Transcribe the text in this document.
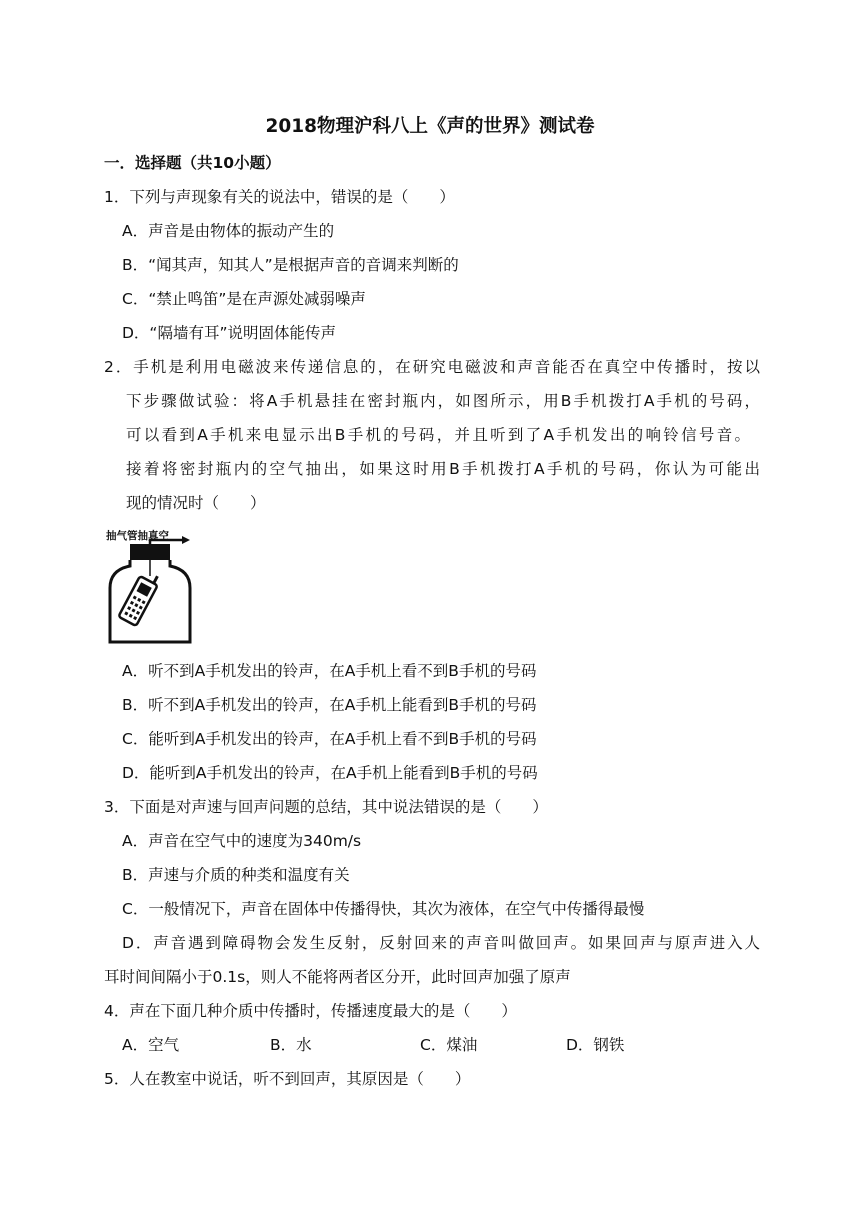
2018物理沪科八上《声的世界》测试卷
一．选择题（共10小题）
1．下列与声现象有关的说法中，错误的是（　　）
A．声音是由物体的振动产生的
B．“闻其声，知其人”是根据声音的音调来判断的
C．“禁止鸣笛”是在声源处减弱噪声
D．“隔墙有耳”说明固体能传声
2．手机是利用电磁波来传递信息的，在研究电磁波和声音能否在真空中传播时，按以
下步骤做试验：将A手机悬挂在密封瓶内，如图所示，用B手机拨打A手机的号码，
可以看到A手机来电显示出B手机的号码，并且听到了A手机发出的响铃信号音。
接着将密封瓶内的空气抽出，如果这时用B手机拨打A手机的号码，你认为可能出
现的情况时（　　）
抽气管抽真空
A．听不到A手机发出的铃声，在A手机上看不到B手机的号码
B．听不到A手机发出的铃声，在A手机上能看到B手机的号码
C．能听到A手机发出的铃声，在A手机上看不到B手机的号码
D．能听到A手机发出的铃声，在A手机上能看到B手机的号码
3．下面是对声速与回声问题的总结，其中说法错误的是（　　）
A．声音在空气中的速度为340m/s
B．声速与介质的种类和温度有关
C．一般情况下，声音在固体中传播得快，其次为液体，在空气中传播得最慢
D．声音遇到障碍物会发生反射，反射回来的声音叫做回声。如果回声与原声进入人
耳时间间隔小于0.1s，则人不能将两者区分开，此时回声加强了原声
4．声在下面几种介质中传播时，传播速度最大的是（　　）
A．空气	B．水	C．煤油	D．钢铁
5．人在教室中说话，听不到回声，其原因是（　　）
